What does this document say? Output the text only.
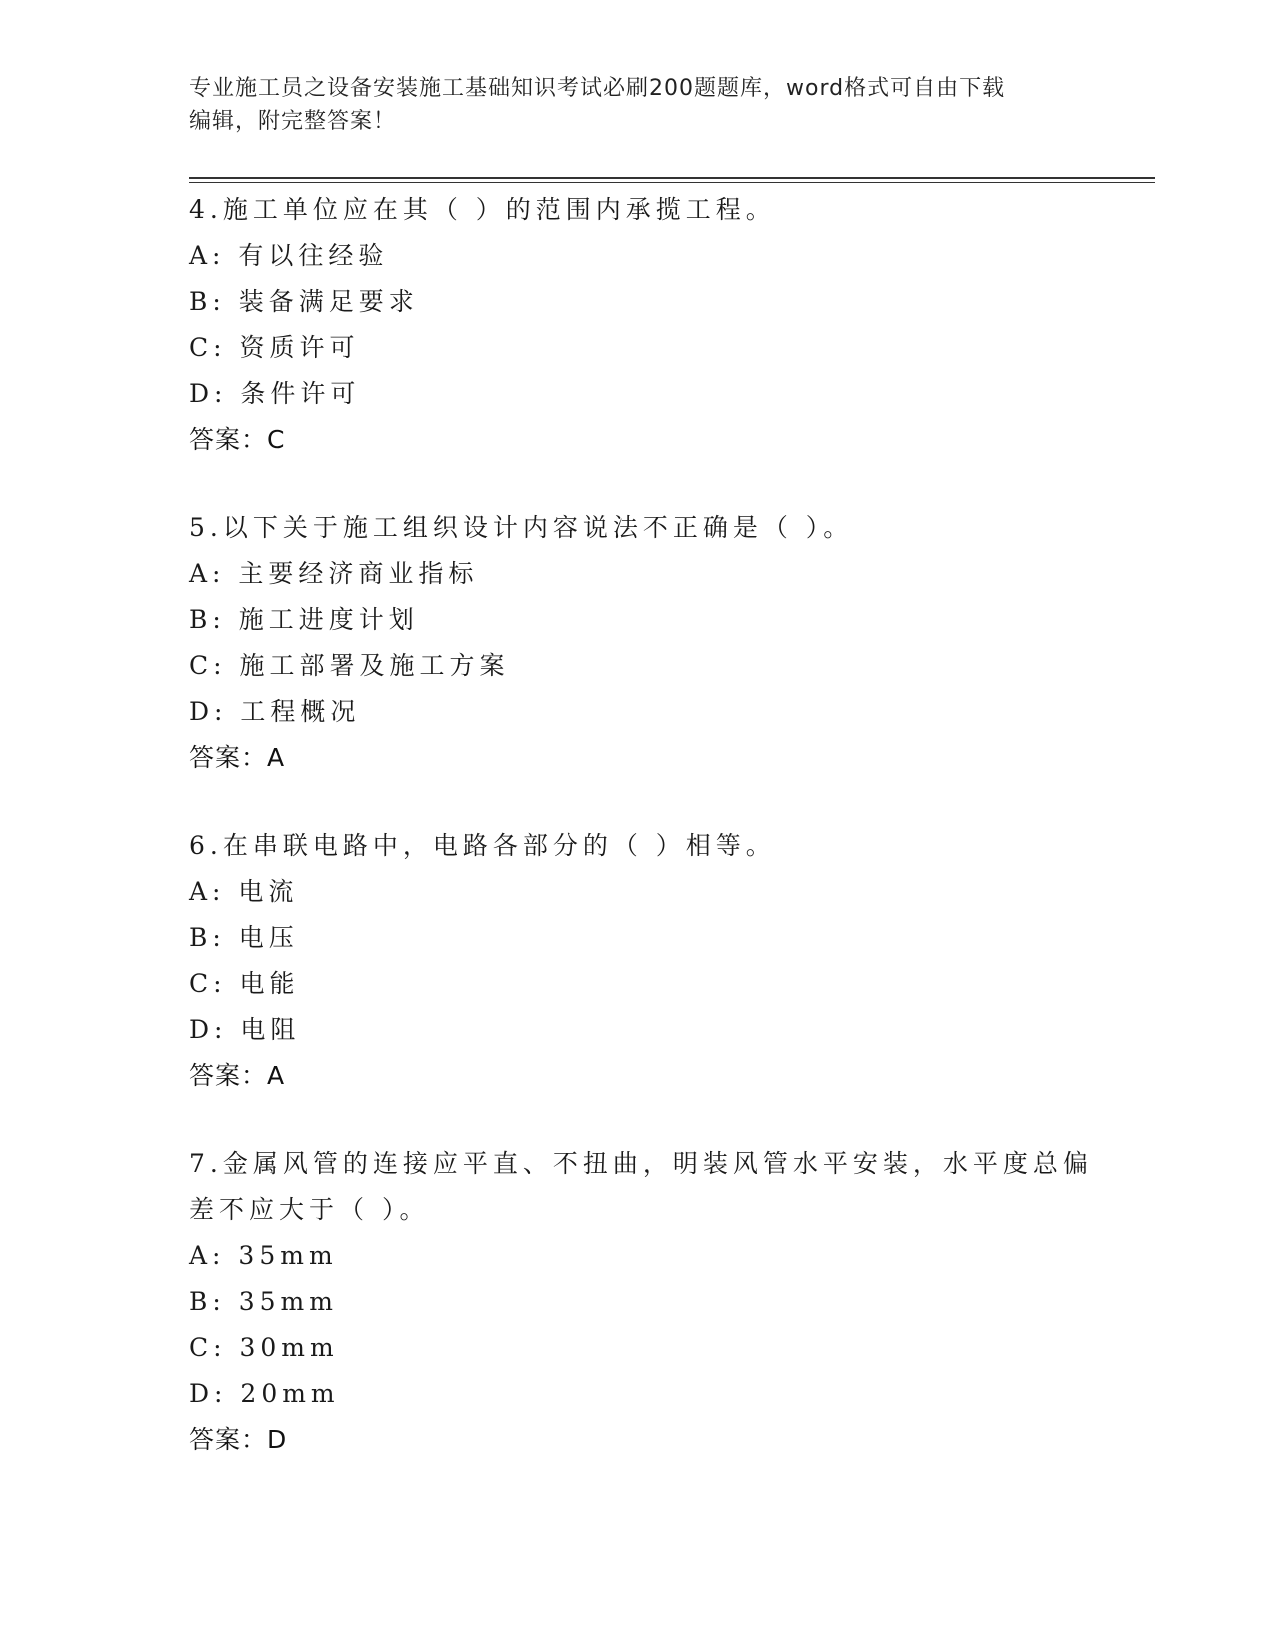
专业施工员之设备安装施工基础知识考试必刷200题题库，word格式可自由下载
编辑，附完整答案！
4.施工单位应在其（ ）的范围内承揽工程。
A: 有以往经验
B: 装备满足要求
C: 资质许可
D: 条件许可
答案：C
5.以下关于施工组织设计内容说法不正确是（ ）。
A: 主要经济商业指标
B: 施工进度计划
C: 施工部署及施工方案
D: 工程概况
答案：A
6.在串联电路中，电路各部分的（ ）相等。
A: 电流
B: 电压
C: 电能
D: 电阻
答案：A
7.金属风管的连接应平直、不扭曲，明装风管水平安装，水平度总偏
差不应大于（ ）。
A: 35mm
B: 35mm
C: 30mm
D: 20mm
答案：D
